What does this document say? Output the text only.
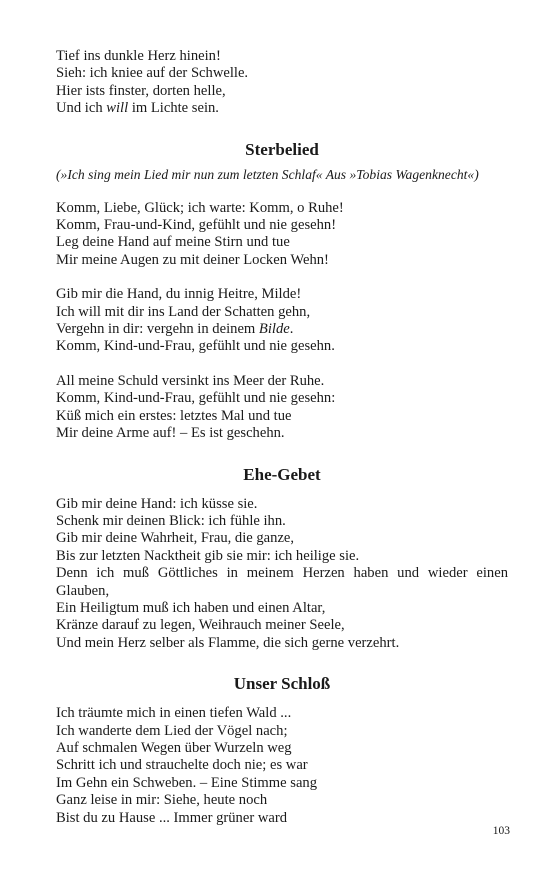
Tief ins dunkle Herz hinein!
Sieh: ich kniee auf der Schwelle.
Hier ists finster, dorten helle,
Und ich will im Lichte sein.
Sterbelied
(»Ich sing mein Lied mir nun zum letzten Schlaf« Aus »Tobias Wagenknecht«)
Komm, Liebe, Glück; ich warte: Komm, o Ruhe!
Komm, Frau-und-Kind, gefühlt und nie gesehn!
Leg deine Hand auf meine Stirn und tue
Mir meine Augen zu mit deiner Locken Wehn!
Gib mir die Hand, du innig Heitre, Milde!
Ich will mit dir ins Land der Schatten gehn,
Vergehn in dir: vergehn in deinem Bilde.
Komm, Kind-und-Frau, gefühlt und nie gesehn.
All meine Schuld versinkt ins Meer der Ruhe.
Komm, Kind-und-Frau, gefühlt und nie gesehn:
Küß mich ein erstes: letztes Mal und tue
Mir deine Arme auf! – Es ist geschehn.
Ehe-Gebet
Gib mir deine Hand: ich küsse sie.
Schenk mir deinen Blick: ich fühle ihn.
Gib mir deine Wahrheit, Frau, die ganze,
Bis zur letzten Nacktheit gib sie mir: ich heilige sie.
Denn ich muß Göttliches in meinem Herzen haben und wieder einen
Glauben,
Ein Heiligtum muß ich haben und einen Altar,
Kränze darauf zu legen, Weihrauch meiner Seele,
Und mein Herz selber als Flamme, die sich gerne verzehrt.
Unser Schloß
Ich träumte mich in einen tiefen Wald ...
Ich wanderte dem Lied der Vögel nach;
Auf schmalen Wegen über Wurzeln weg
Schritt ich und strauchelte doch nie; es war
Im Gehn ein Schweben. – Eine Stimme sang
Ganz leise in mir: Siehe, heute noch
Bist du zu Hause ... Immer grüner ward
103
